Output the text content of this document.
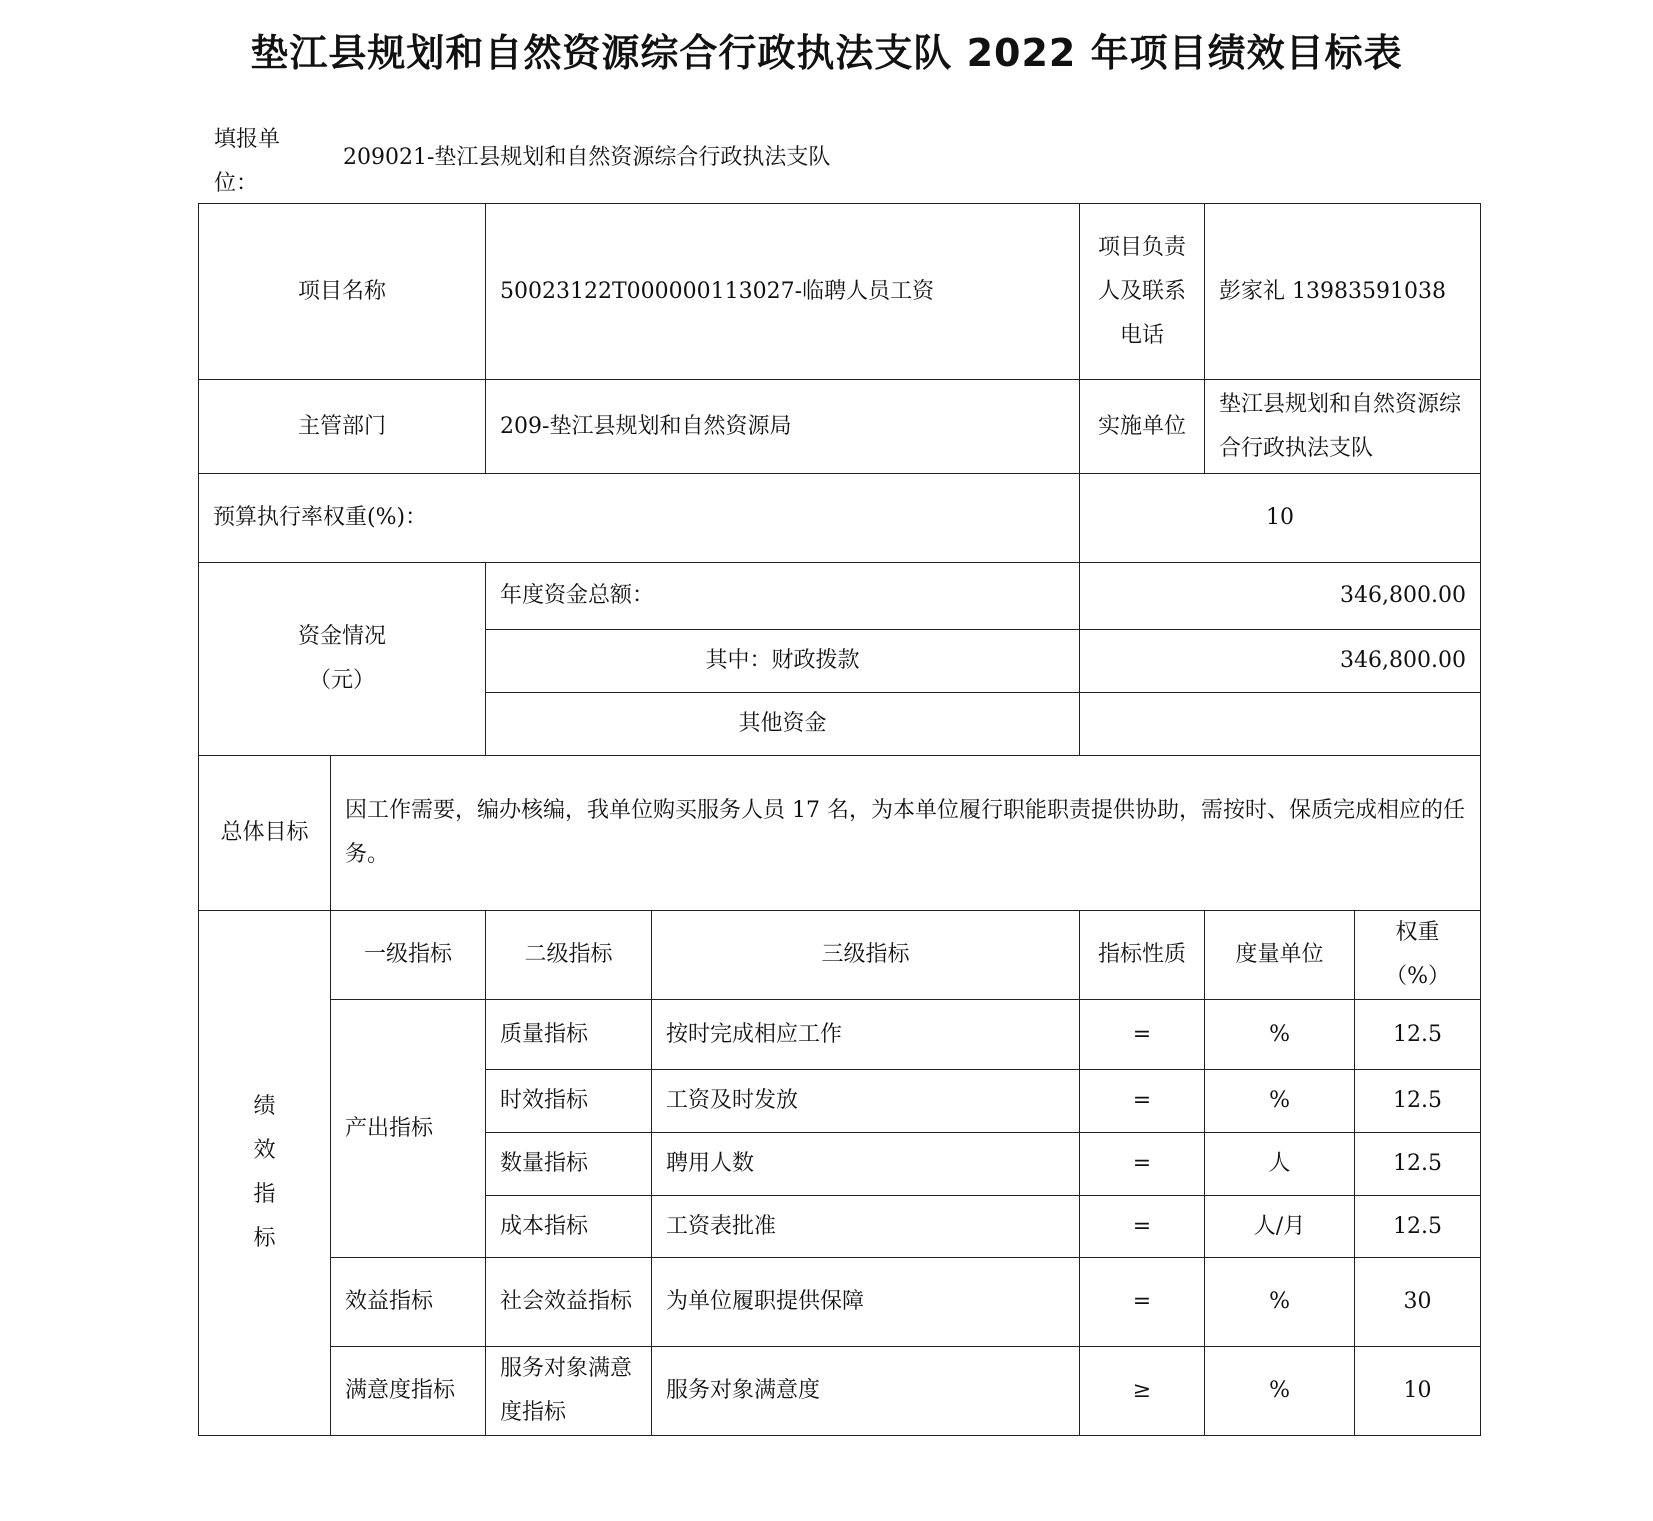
垫江县规划和自然资源综合行政执法支队 2022 年项目绩效目标表
填报单位：
209021-垫江县规划和自然资源综合行政执法支队
项目名称		50023122T000000113027-临聘人员工资		项目负责人及联系电话	彭家礼 13983591038	
主管部门		209-垫江县规划和自然资源局		实施单位	垫江县规划和自然资源综合行政执法支队	
预算执行率权重(%)：				10		

资金情况（元）		年度资金总额：		346,800.00		
		其中：财政拨款		346,800.00		
		其他资金				
总体目标	因工作需要，编办核编，我单位购买服务人员 17 名，为本单位履行职能职责提供协助，需按时、保质完成相应的任务。					

绩效指标	一级指标	二级指标	三级指标	指标性质	度量单位	权重（%）
	产出指标	质量指标	按时完成相应工作	=	%	12.5
		时效指标	工资及时发放	=	%	12.5
		数量指标	聘用人数	=	人	12.5
		成本指标	工资表批准	=	人/月	12.5
	效益指标	社会效益指标	为单位履职提供保障	=	%	30
	满意度指标	服务对象满意度指标	服务对象满意度	≥	%	10
